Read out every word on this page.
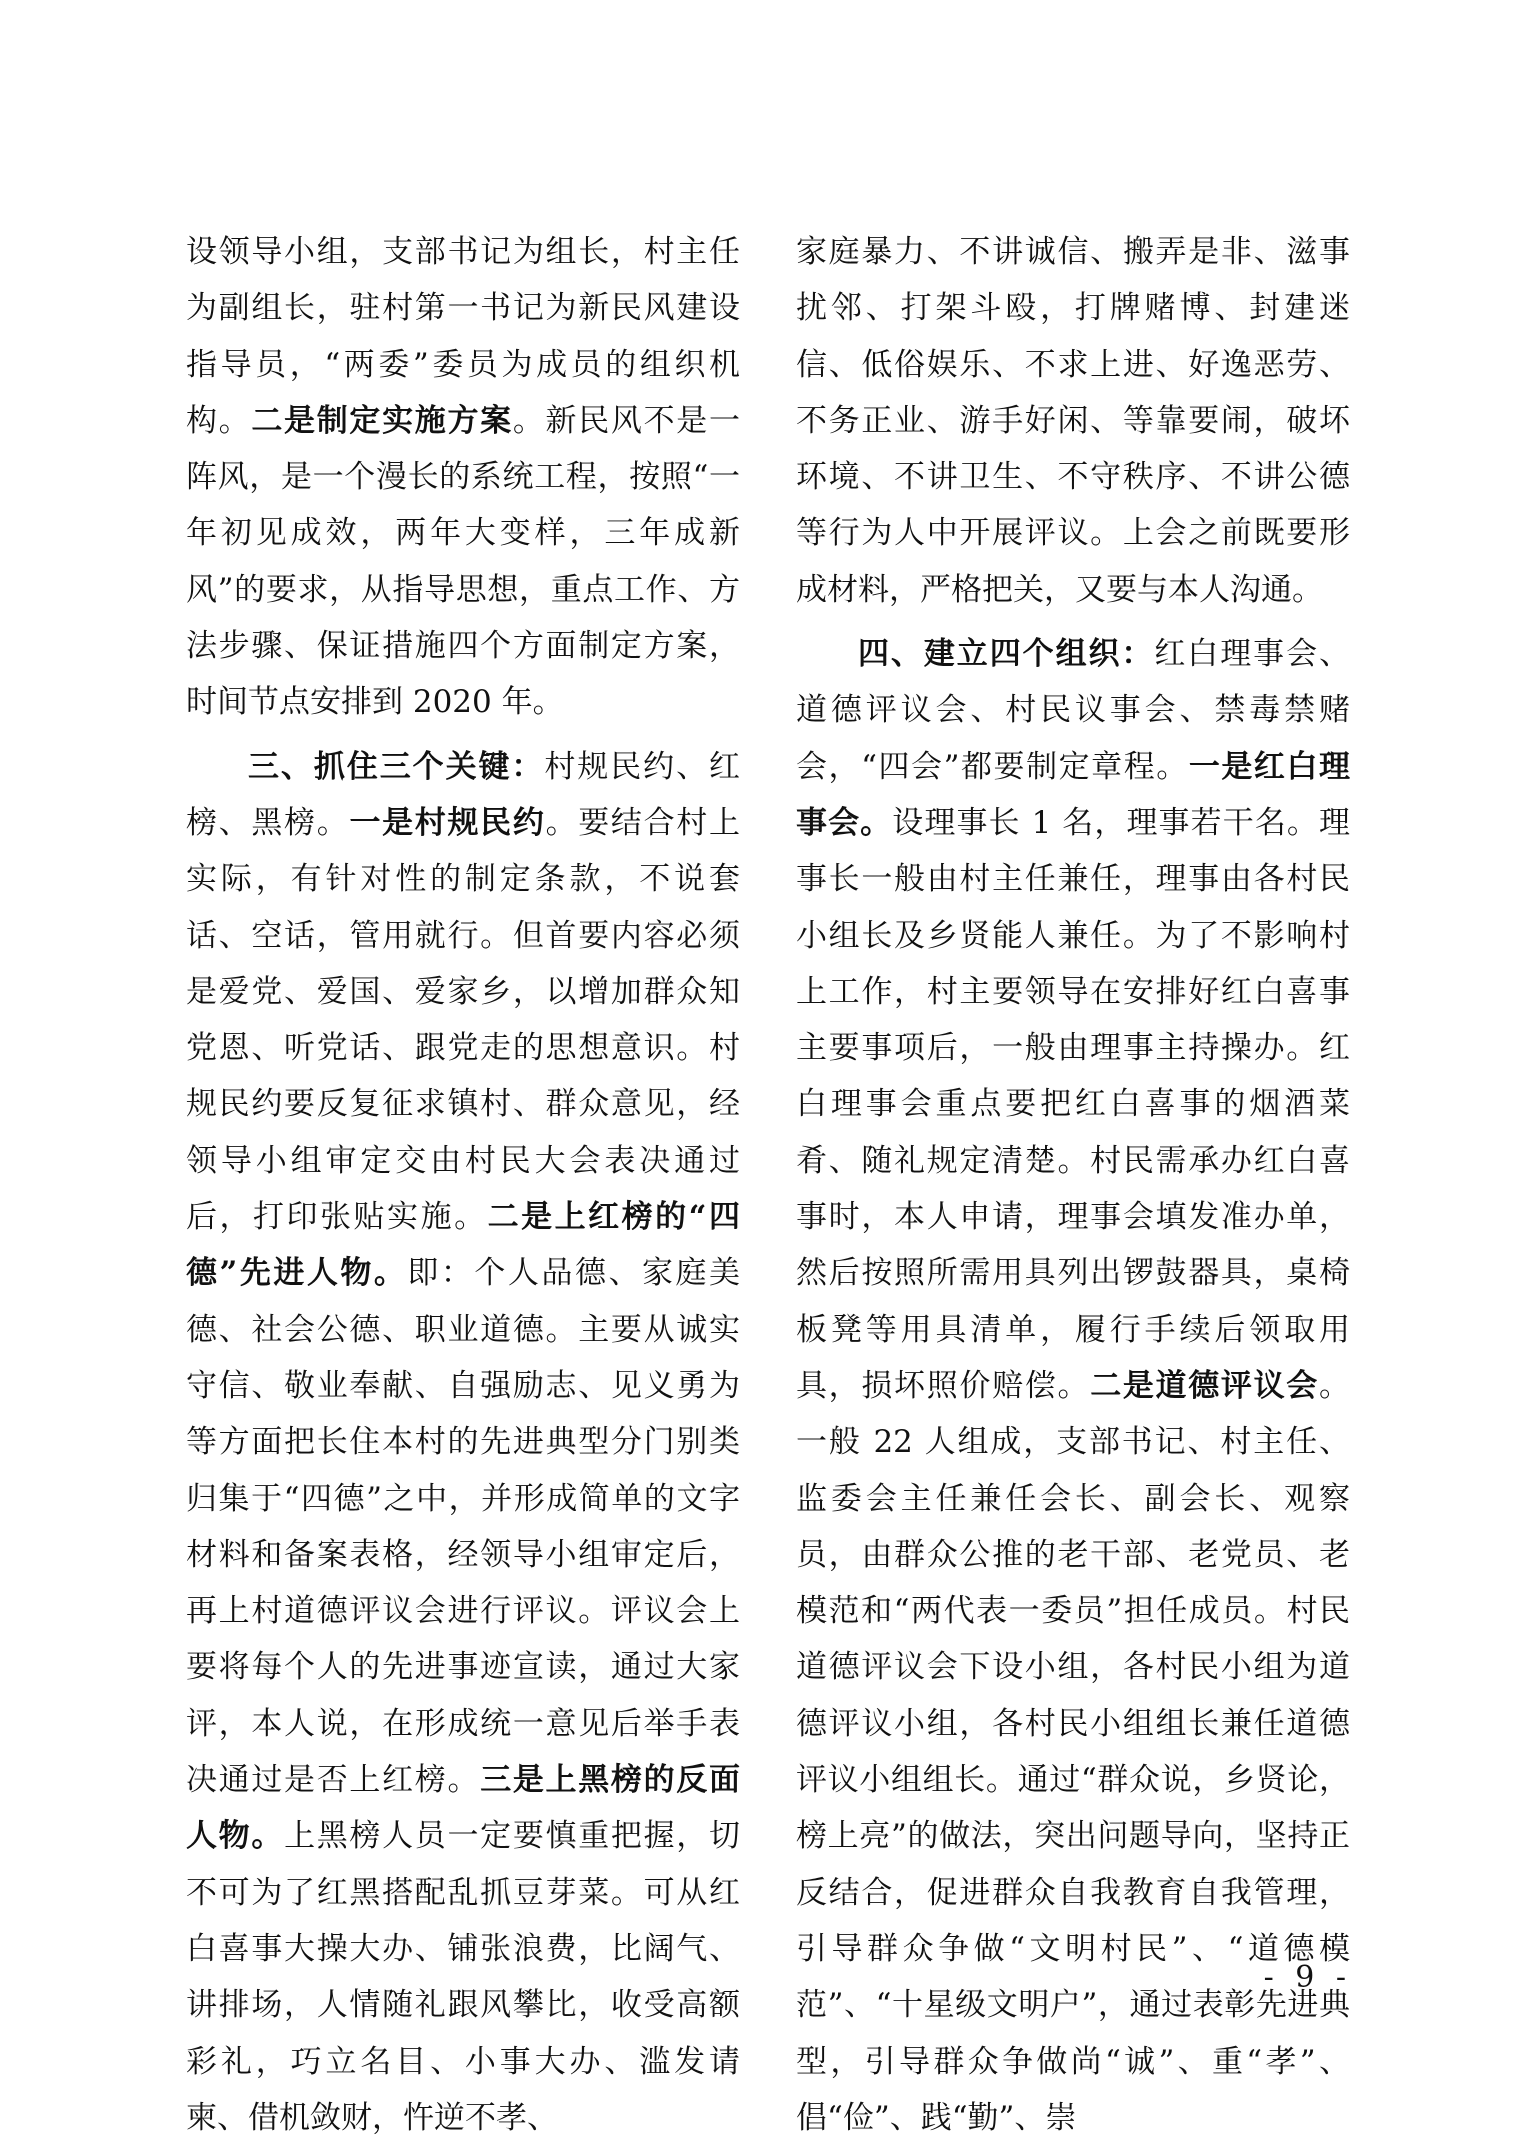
设领导小组，支部书记为组长，村主任为副组长，驻村第一书记为新民风建设指导员，“两委”委员为成员的组织机构。二是制定实施方案。新民风不是一阵风，是一个漫长的系统工程，按照“一年初见成效，两年大变样，三年成新风”的要求，从指导思想，重点工作、方法步骤、保证措施四个方面制定方案，时间节点安排到 2020 年。

三、抓住三个关键：村规民约、红榜、黑榜。一是村规民约。要结合村上实际，有针对性的制定条款，不说套话、空话，管用就行。但首要内容必须是爱党、爱国、爱家乡，以增加群众知党恩、听党话、跟党走的思想意识。村规民约要反复征求镇村、群众意见，经领导小组审定交由村民大会表决通过后，打印张贴实施。二是上红榜的“四德”先进人物。即：个人品德、家庭美德、社会公德、职业道德。主要从诚实守信、敬业奉献、自强励志、见义勇为等方面把长住本村的先进典型分门别类归集于“四德”之中，并形成简单的文字材料和备案表格，经领导小组审定后，再上村道德评议会进行评议。评议会上要将每个人的先进事迹宣读，通过大家评，本人说，在形成统一意见后举手表决通过是否上红榜。三是上黑榜的反面人物。上黑榜人员一定要慎重把握，切不可为了红黑搭配乱抓豆芽菜。可从红白喜事大操大办、铺张浪费，比阔气、讲排场，人情随礼跟风攀比，收受高额彩礼，巧立名目、小事大办、滥发请柬、借机敛财，忤逆不孝、

家庭暴力、不讲诚信、搬弄是非、滋事扰邻、打架斗殴，打牌赌博、封建迷信、低俗娱乐、不求上进、好逸恶劳、不务正业、游手好闲、等靠要闹，破坏环境、不讲卫生、不守秩序、不讲公德等行为人中开展评议。上会之前既要形成材料，严格把关，又要与本人沟通。

四、建立四个组织：红白理事会、道德评议会、村民议事会、禁毒禁赌会，“四会”都要制定章程。一是红白理事会。设理事长 1 名，理事若干名。理事长一般由村主任兼任，理事由各村民小组长及乡贤能人兼任。为了不影响村上工作，村主要领导在安排好红白喜事主要事项后，一般由理事主持操办。红白理事会重点要把红白喜事的烟酒菜肴、随礼规定清楚。村民需承办红白喜事时，本人申请，理事会填发准办单，然后按照所需用具列出锣鼓器具，桌椅板凳等用具清单，履行手续后领取用具，损坏照价赔偿。二是道德评议会。一般 22 人组成，支部书记、村主任、监委会主任兼任会长、副会长、观察员，由群众公推的老干部、老党员、老模范和“两代表一委员”担任成员。村民道德评议会下设小组，各村民小组为道德评议小组，各村民小组组长兼任道德评议小组组长。通过“群众说，乡贤论，榜上亮”的做法，突出问题导向，坚持正反结合，促进群众自我教育自我管理，引导群众争做“文明村民”、“道德模范”、“十星级文明户”，通过表彰先进典型，引导群众争做尚“诚”、重“孝”、倡“俭”、践“勤”、崇

- 9 -
